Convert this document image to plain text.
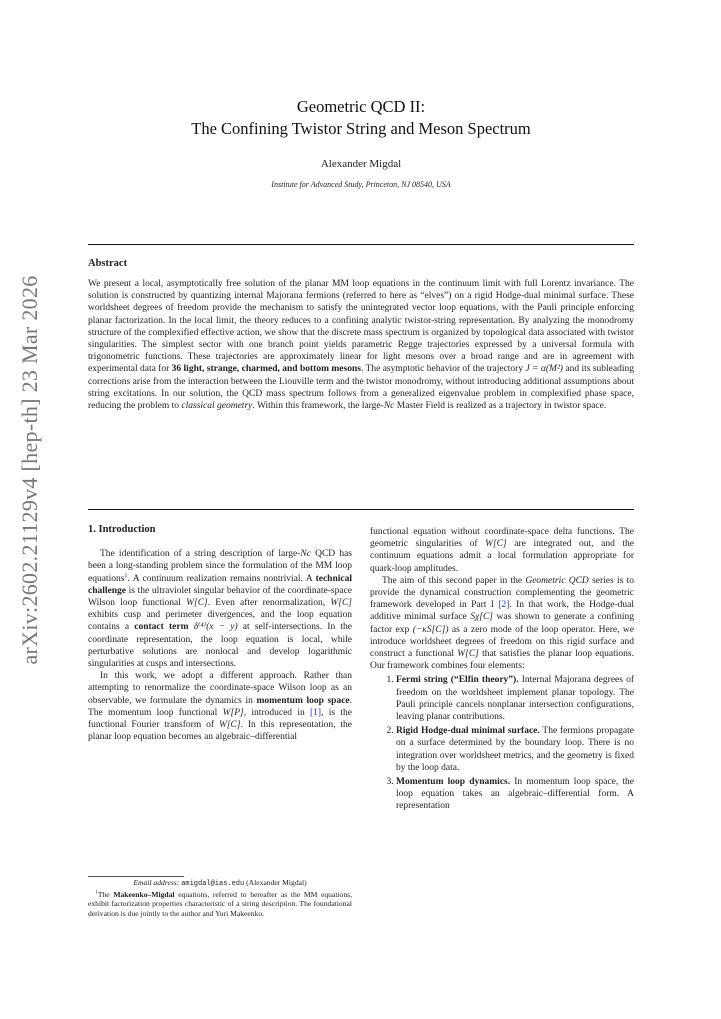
arXiv:2602.21129v4 [hep-th] 23 Mar 2026
Geometric QCD II:
The Confining Twistor String and Meson Spectrum
Alexander Migdal
Institute for Advanced Study, Princeton, NJ 08540, USA
Abstract

We present a local, asymptotically free solution of the planar MM loop equations in the continuum limit with full Lorentz invariance. The solution is constructed by quantizing internal Majorana fermions (referred to here as “elves”) on a rigid Hodge-dual minimal surface. These worldsheet degrees of freedom provide the mechanism to satisfy the unintegrated vector loop equations, with the Pauli principle enforcing planar factorization. In the local limit, the theory reduces to a confining analytic twistor-string representation. By analyzing the monodromy structure of the complexified effective action, we show that the discrete mass spectrum is organized by topological data associated with twistor singularities. The simplest sector with one branch point yields parametric Regge trajectories expressed by a universal formula with trigonometric functions. These trajectories are approximately linear for light mesons over a broad range and are in agreement with experimental data for 36 light, strange, charmed, and bottom mesons. The asymptotic behavior of the trajectory J = α(M²) and its subleading corrections arise from the interaction between the Liouville term and the twistor monodromy, without introducing additional assumptions about string excitations. In our solution, the QCD mass spectrum follows from a generalized eigenvalue problem in complexified phase space, reducing the problem to classical geometry. Within this framework, the large-Nc Master Field is realized as a trajectory in twistor space.

1. Introduction

The identification of a string description of large-Nc QCD has been a long-standing problem since the formulation of the MM loop equations$^1$. A continuum realization remains nontrivial. A technical challenge is the ultraviolet singular behavior of the coordinate-space Wilson loop functional W[C]. Even after renormalization, W[C] exhibits cusp and perimeter divergences, and the loop equation contains a contact term δ⁽⁴⁾(x − y) at self-intersections. In the coordinate representation, the loop equation is local, while perturbative solutions are nonlocal and develop logarithmic singularities at cusps and intersections.

In this work, we adopt a different approach. Rather than attempting to renormalize the coordinate-space Wilson loop as an observable, we formulate the dynamics in momentum loop space. The momentum loop functional W[P], introduced in [1], is the functional Fourier transform of W[C]. In this representation, the planar loop equation becomes an algebraic–differential

Email address: amigdal@ias.edu (Alexander Migdal)
$^1$The Makeenko–Migdal equations, referred to hereafter as the MM equations, exhibit factorization properties characteristic of a string description. The foundational derivation is due jointly to the author and Yuri Makeenko.

functional equation without coordinate-space delta functions. The geometric singularities of W[C] are integrated out, and the continuum equations admit a local formulation appropriate for quark-loop amplitudes.

The aim of this second paper in the Geometric QCD series is to provide the dynamical construction complementing the geometric framework developed in Part I [2]. In that work, the Hodge-dual additive minimal surface Sχ[C] was shown to generate a confining factor exp (−κS[C]) as a zero mode of the loop operator. Here, we introduce worldsheet degrees of freedom on this rigid surface and construct a functional W[C] that satisfies the planar loop equations. Our framework combines four elements:

1. Fermi string (“Elfin theory”). Internal Majorana degrees of freedom on the worldsheet implement planar topology. The Pauli principle cancels nonplanar intersection configurations, leaving planar contributions.
2. Rigid Hodge-dual minimal surface. The fermions propagate on a surface determined by the boundary loop. There is no integration over worldsheet metrics, and the geometry is fixed by the loop data.
3. Momentum loop dynamics. In momentum loop space, the loop equation takes an algebraic–differential form. A representation
